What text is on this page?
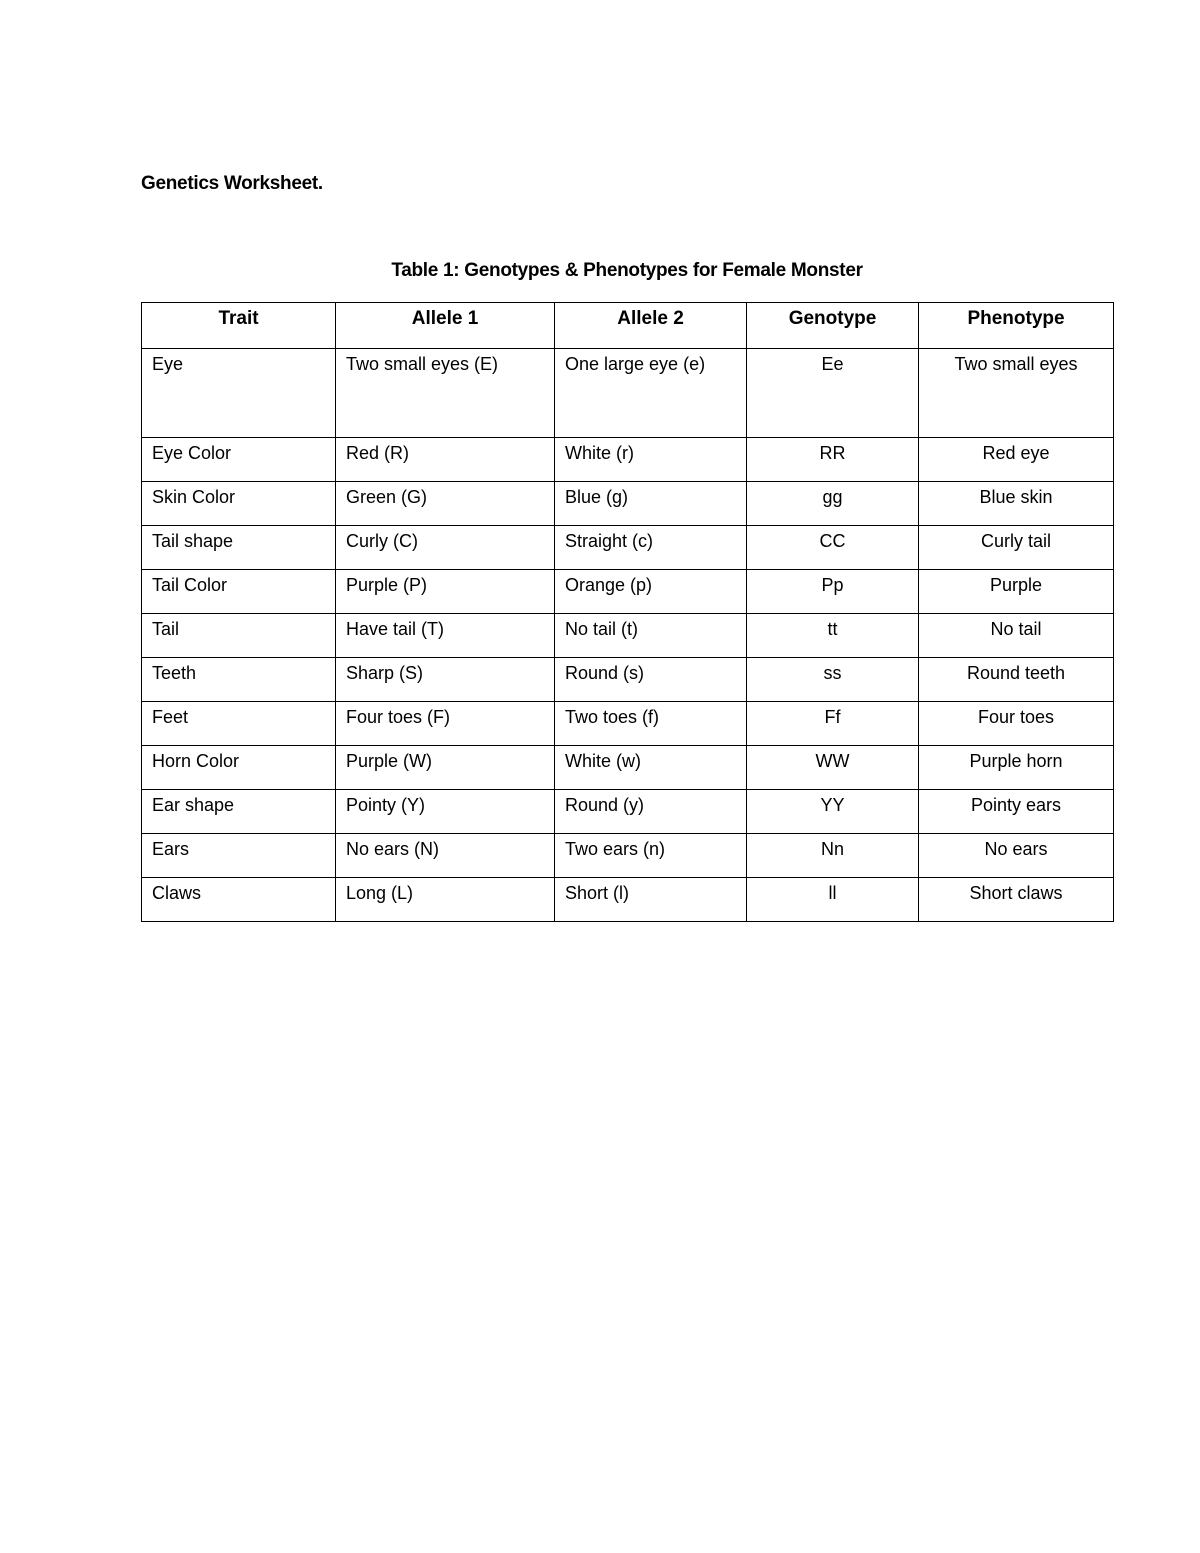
Genetics Worksheet.
Table 1: Genotypes & Phenotypes for Female Monster
Trait	Allele 1	Allele 2	Genotype	Phenotype
Eye	Two small eyes (E)	One large eye (e)	Ee	Two small eyes
Eye Color	Red (R)	White (r)	RR	Red eye
Skin Color	Green (G)	Blue (g)	gg	Blue skin
Tail shape	Curly (C)	Straight (c)	CC	Curly tail
Tail Color	Purple (P)	Orange (p)	Pp	Purple
Tail	Have tail (T)	No tail (t)	tt	No tail
Teeth	Sharp (S)	Round (s)	ss	Round teeth
Feet	Four toes (F)	Two toes (f)	Ff	Four toes
Horn Color	Purple (W)	White (w)	WW	Purple horn
Ear shape	Pointy (Y)	Round (y)	YY	Pointy ears
Ears	No ears (N)	Two ears (n)	Nn	No ears
Claws	Long (L)	Short (l)	ll	Short claws
